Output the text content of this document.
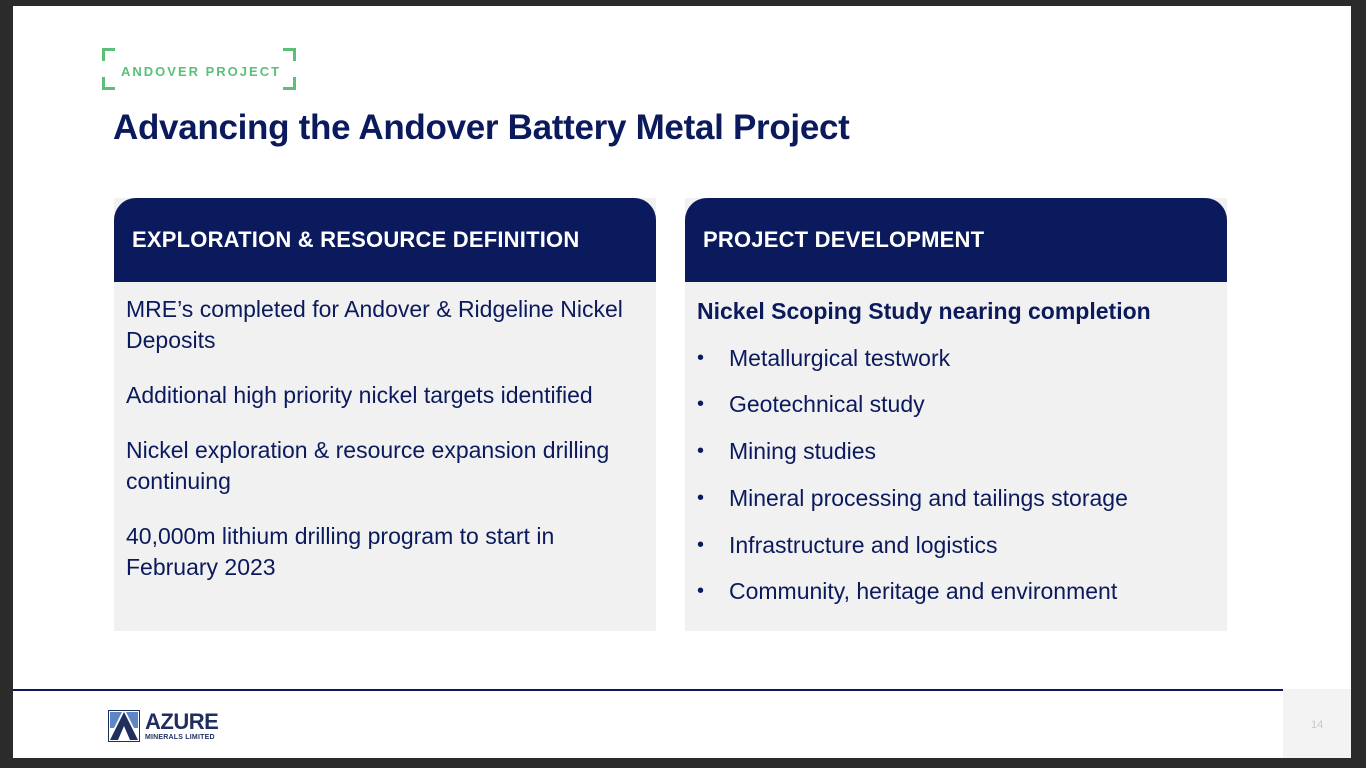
ANDOVER PROJECT
Advancing the Andover Battery Metal Project
EXPLORATION & RESOURCE DEFINITION
MRE’s completed for Andover & Ridgeline Nickel Deposits
Additional high priority nickel targets identified
Nickel exploration & resource expansion drilling continuing
40,000m lithium drilling program to start in February 2023
PROJECT DEVELOPMENT
Nickel Scoping Study nearing completion
•	Metallurgical testwork
•	Geotechnical study
•	Mining studies
•	Mineral processing and tailings storage
•	Infrastructure and logistics
•	Community, heritage and environment
14
AZURE
MINERALS LIMITED
